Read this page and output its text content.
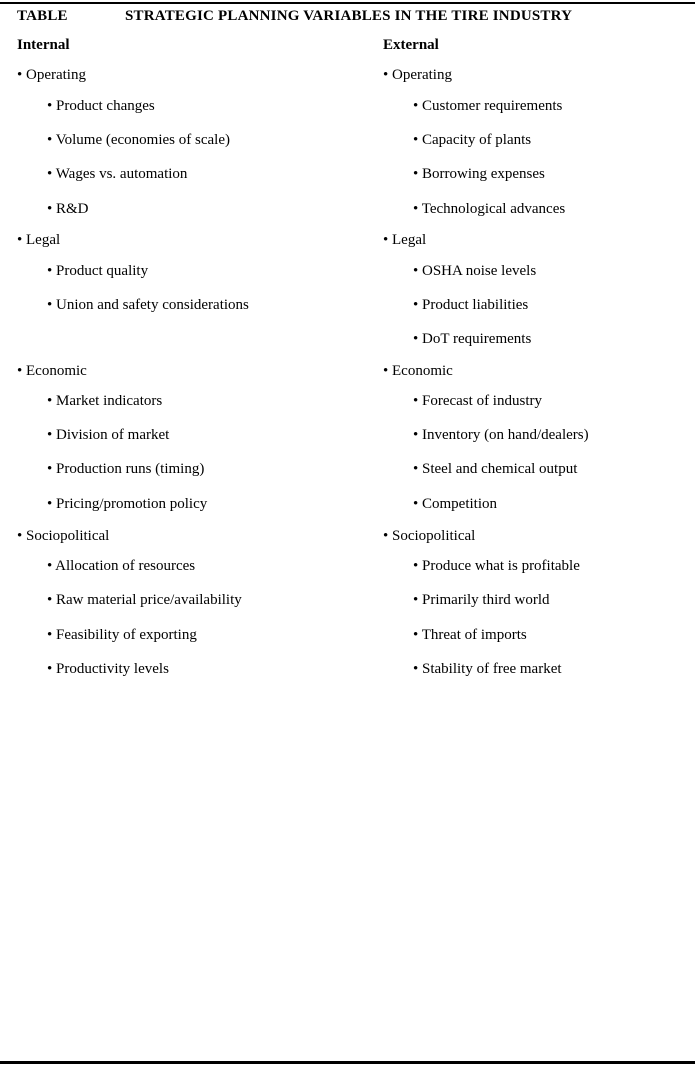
TABLE	STRATEGIC PLANNING VARIABLES IN THE TIRE INDUSTRY
Internal	External
• Operating
• Product changes
• Volume (economies of scale)
• Wages vs. automation
• R&D
• Legal
• Product quality
• Union and safety considerations
• Economic
• Market indicators
• Division of market
• Production runs (timing)
• Pricing/promotion policy
• Sociopolitical
• Allocation of resources
• Raw material price/availability
• Feasibility of exporting
• Productivity levels
• Operating
• Customer requirements
• Capacity of plants
• Borrowing expenses
• Technological advances
• Legal
• OSHA noise levels
• Product liabilities
• DoT requirements
• Economic
• Forecast of industry
• Inventory (on hand/dealers)
• Steel and chemical output
• Competition
• Sociopolitical
• Produce what is profitable
• Primarily third world
• Threat of imports
• Stability of free market
